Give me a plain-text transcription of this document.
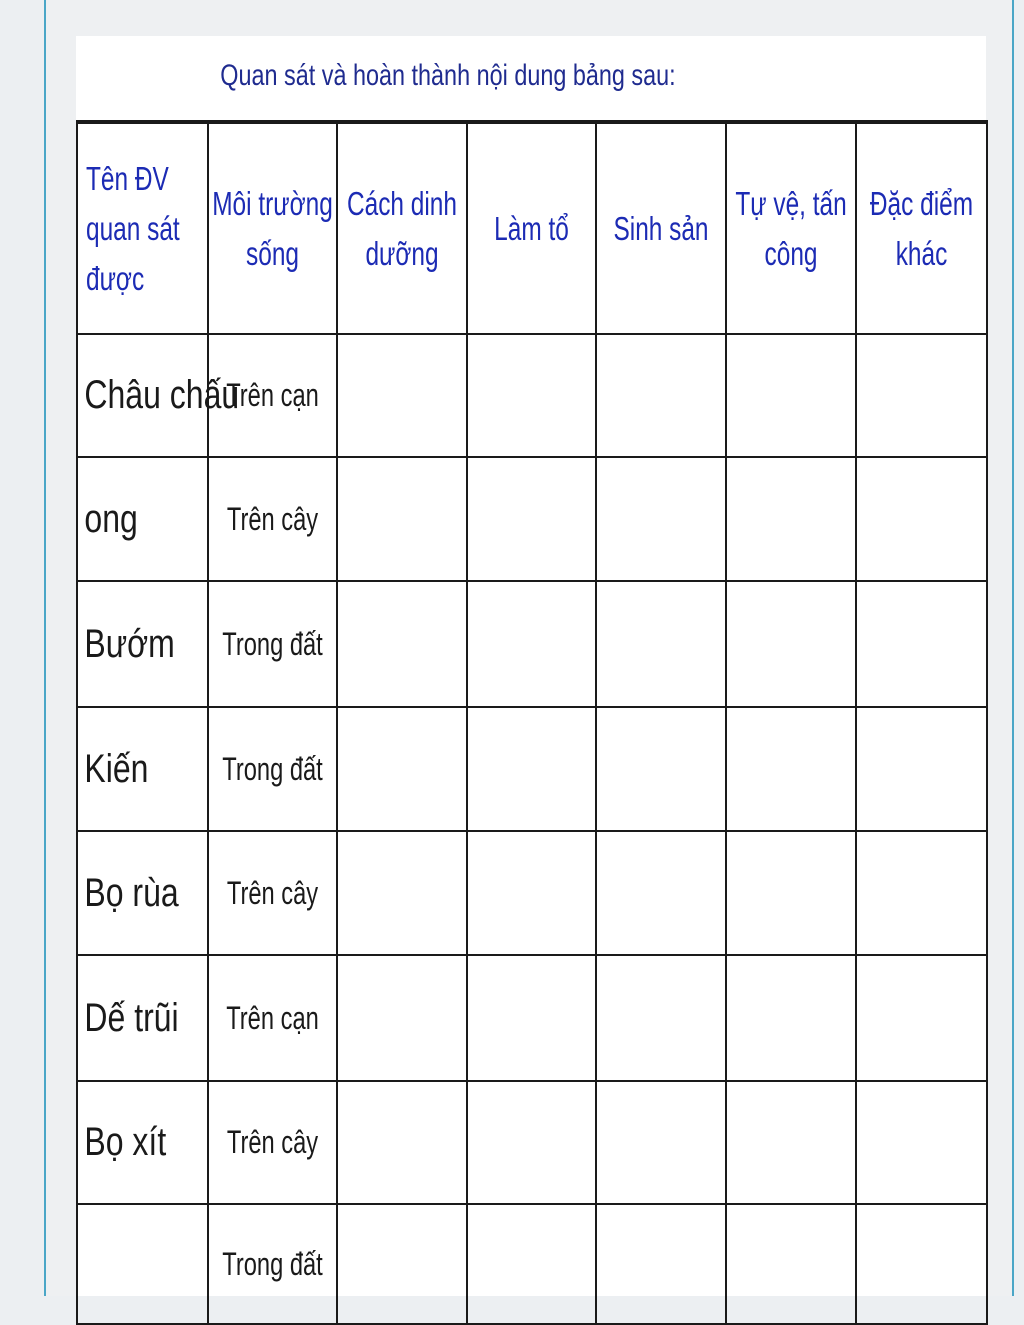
Quan sát và hoàn thành nội dung bảng sau:
Tên ĐV quan sát được	Môi trường sống	Cách dinh dưỡng	Làm tổ	Sinh sản	Tự vệ, tấn công	Đặc điểm khác

Châu chấu	Trên cạn					

ong	Trên cây					

Bướm	Trong đất					

Kiến	Trong đất					

Bọ rùa	Trên cây					

Dế trũi	Trên cạn					

Bọ xít	Trên cây					

	Trong đất					
